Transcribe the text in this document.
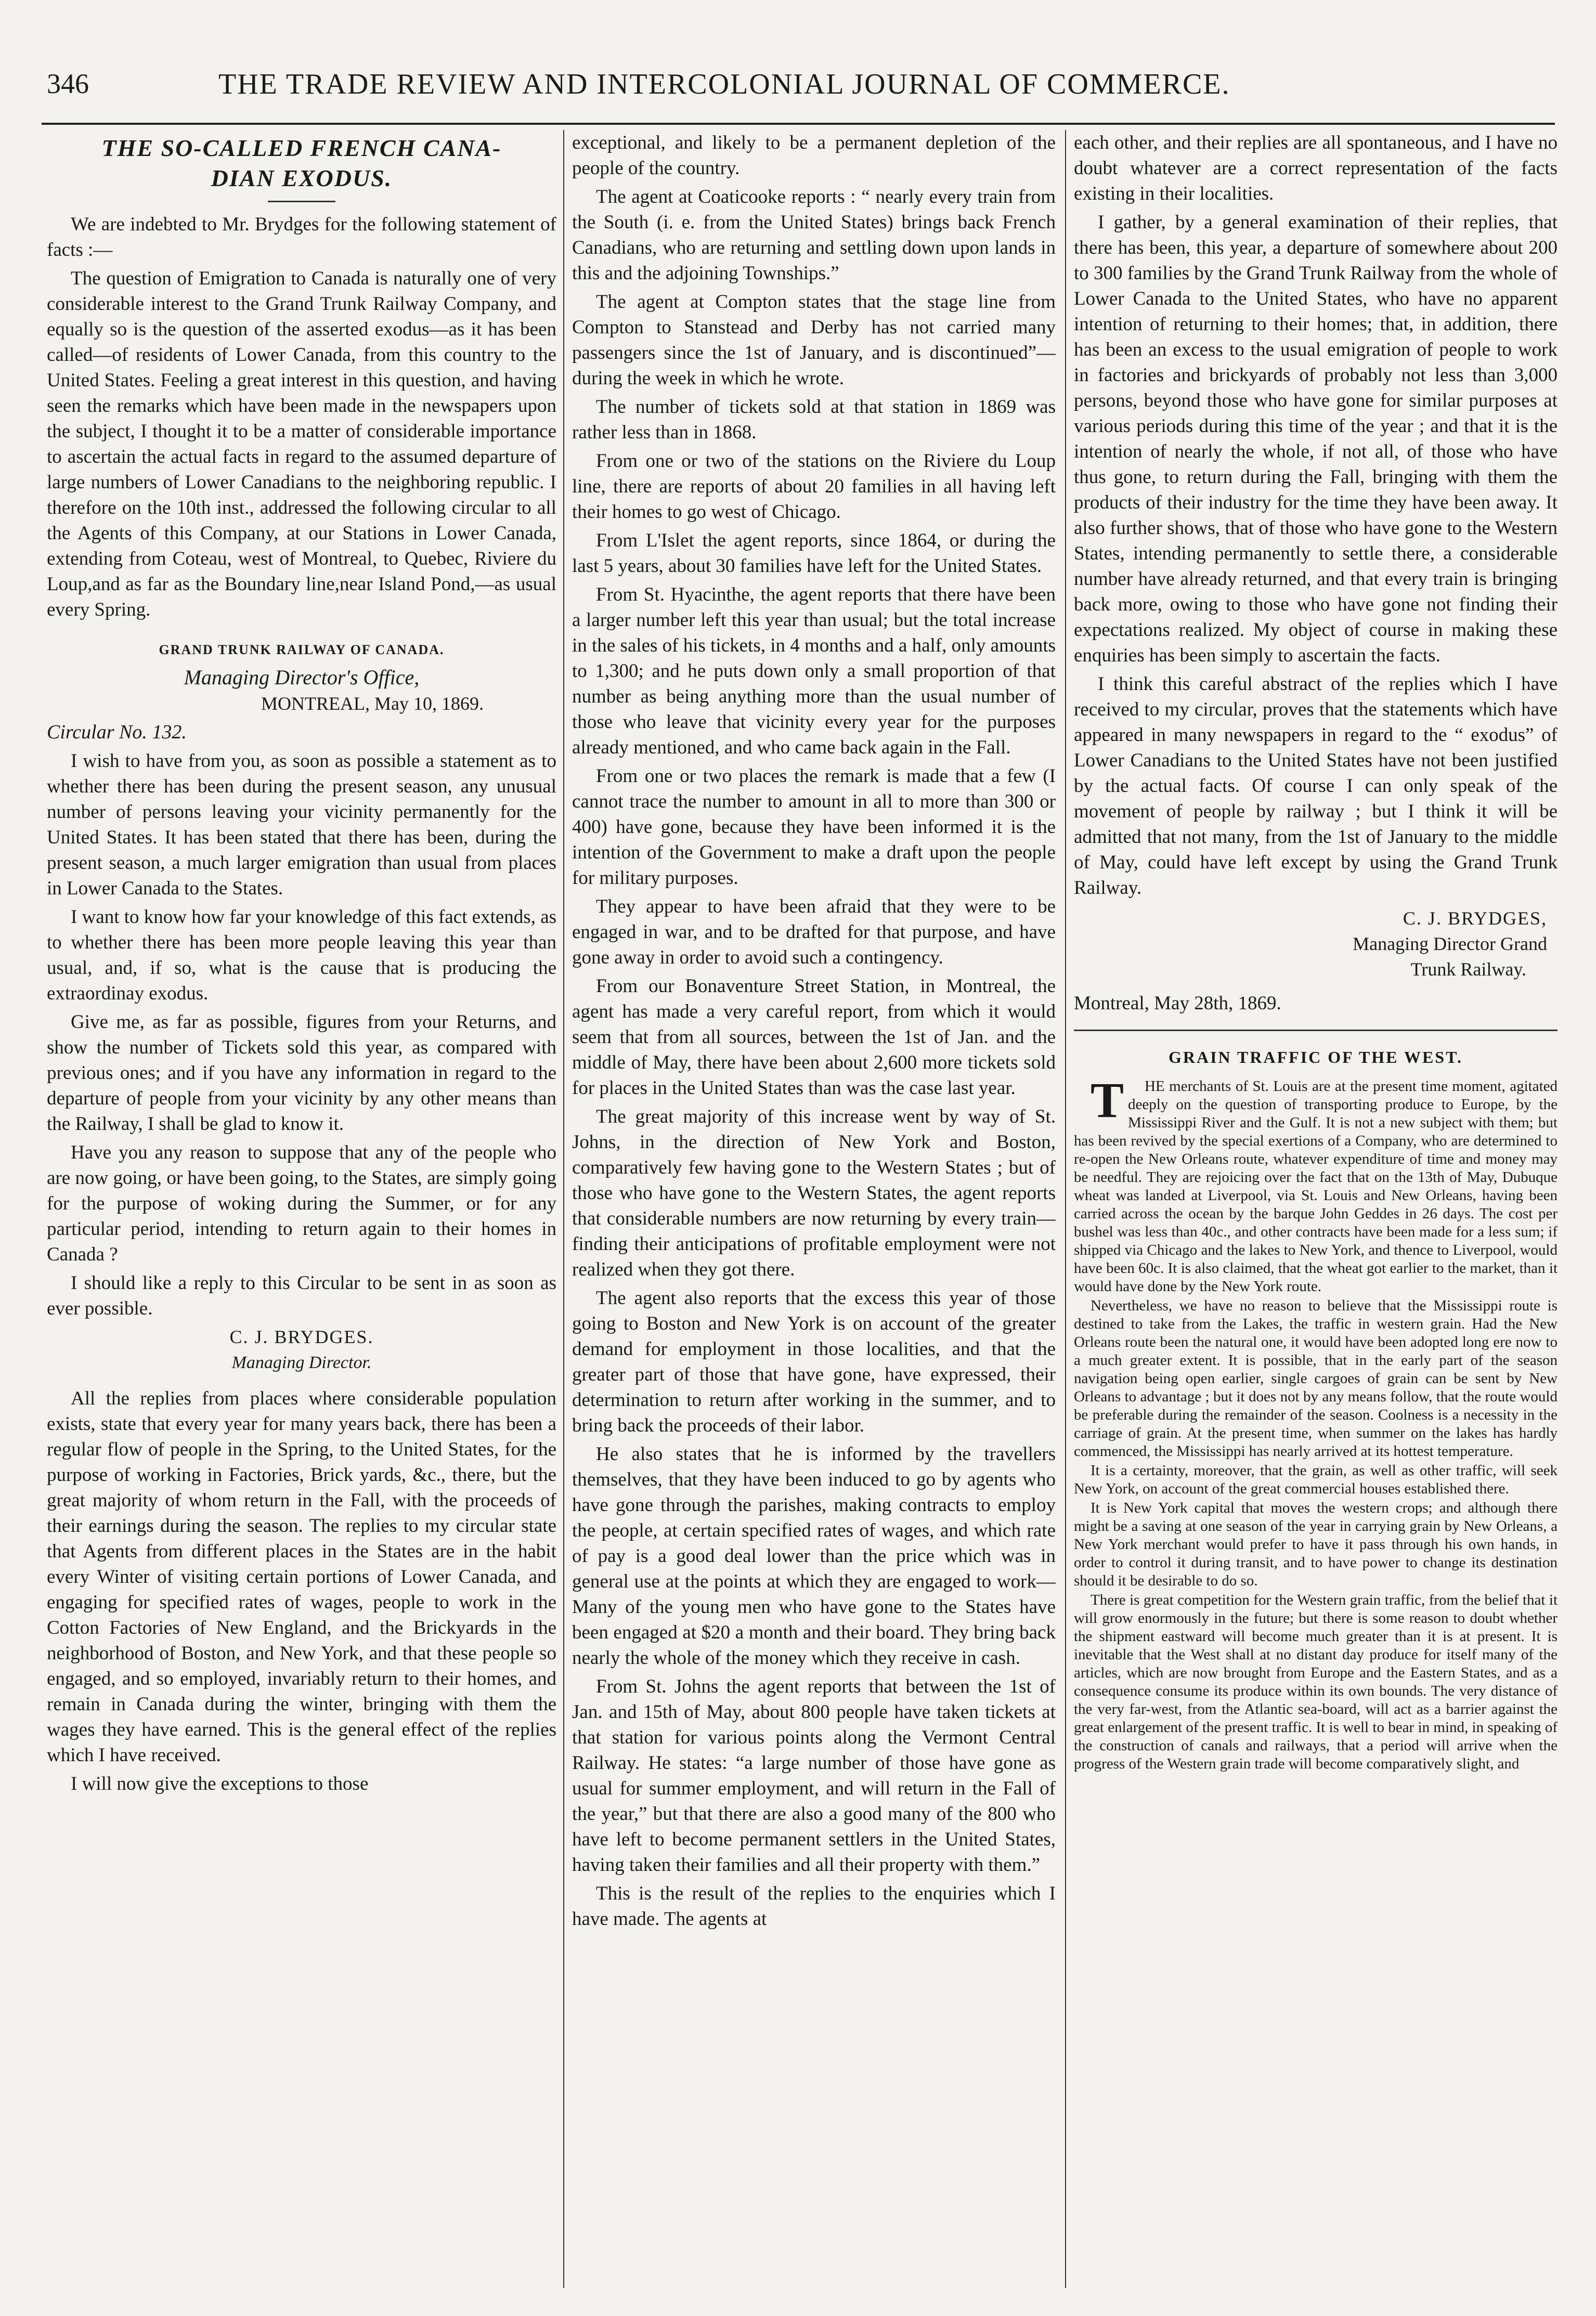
346	THE TRADE REVIEW AND INTERCOLONIAL JOURNAL OF COMMERCE.
THE SO-CALLED FRENCH CANA-
DIAN EXODUS.

We are indebted to Mr. Brydges for the following statement of facts :—

The question of Emigration to Canada is naturally one of very considerable interest to the Grand Trunk Railway Company, and equally so is the question of the asserted exodus—as it has been called—of residents of Lower Canada, from this country to the United States. Feeling a great interest in this question, and having seen the remarks which have been made in the newspapers upon the subject, I thought it to be a matter of considerable importance to ascertain the actual facts in regard to the assumed departure of large numbers of Lower Canadians to the neighboring republic. I therefore on the 10th inst., addressed the following circular to all the Agents of this Company, at our Stations in Lower Canada, extending from Coteau, west of Montreal, to Quebec, Riviere du Loup,and as far as the Boundary line,near Island Pond,—as usual every Spring.

GRAND TRUNK RAILWAY OF CANADA.
Managing Director's Office,
MONTREAL, May 10, 1869.
Circular No. 132.

I wish to have from you, as soon as possible a statement as to whether there has been during the present season, any unusual number of persons leaving your vicinity permanently for the United States. It has been stated that there has been, during the present season, a much larger emigration than usual from places in Lower Canada to the States.

I want to know how far your knowledge of this fact extends, as to whether there has been more people leaving this year than usual, and, if so, what is the cause that is producing the extraordinay exodus.

Give me, as far as possible, figures from your Returns, and show the number of Tickets sold this year, as compared with previous ones; and if you have any information in regard to the departure of people from your vicinity by any other means than the Railway, I shall be glad to know it.

Have you any reason to suppose that any of the people who are now going, or have been going, to the States, are simply going for the purpose of woking during the Summer, or for any particular period, intending to return again to their homes in Canada ?

I should like a reply to this Circular to be sent in as soon as ever possible.

C. J. BRYDGES.
Managing Director.

All the replies from places where considerable population exists, state that every year for many years back, there has been a regular flow of people in the Spring, to the United States, for the purpose of working in Factories, Brick yards, &c., there, but the great majority of whom return in the Fall, with the proceeds of their earnings during the season. The replies to my circular state that Agents from different places in the States are in the habit every Winter of visiting certain portions of Lower Canada, and engaging for specified rates of wages, people to work in the Cotton Factories of New England, and the Brickyards in the neighborhood of Boston, and New York, and that these people so engaged, and so employed, invariably return to their homes, and remain in Canada during the winter, bringing with them the wages they have earned. This is the general effect of the replies which I have received.

I will now give the exceptions to those

exceptional, and likely to be a permanent depletion of the people of the country.

The agent at Coaticooke reports : “ nearly every train from the South (i. e. from the United States) brings back French Canadians, who are returning and settling down upon lands in this and the adjoining Townships.”

The agent at Compton states that the stage line from Compton to Stanstead and Derby has not carried many passengers since the 1st of January, and is discontinued”—during the week in which he wrote.

The number of tickets sold at that station in 1869 was rather less than in 1868.

From one or two of the stations on the Riviere du Loup line, there are reports of about 20 families in all having left their homes to go west of Chicago.

From L'Islet the agent reports, since 1864, or during the last 5 years, about 30 families have left for the United States.

From St. Hyacinthe, the agent reports that there have been a larger number left this year than usual; but the total increase in the sales of his tickets, in 4 months and a half, only amounts to 1,300; and he puts down only a small proportion of that number as being anything more than the usual number of those who leave that vicinity every year for the purposes already mentioned, and who came back again in the Fall.

From one or two places the remark is made that a few (I cannot trace the number to amount in all to more than 300 or 400) have gone, because they have been informed it is the intention of the Government to make a draft upon the people for military purposes.

They appear to have been afraid that they were to be engaged in war, and to be drafted for that purpose, and have gone away in order to avoid such a contingency.

From our Bonaventure Street Station, in Montreal, the agent has made a very careful report, from which it would seem that from all sources, between the 1st of Jan. and the middle of May, there have been about 2,600 more tickets sold for places in the United States than was the case last year.

The great majority of this increase went by way of St. Johns, in the direction of New York and Boston, comparatively few having gone to the Western States ; but of those who have gone to the Western States, the agent reports that considerable numbers are now returning by every train—finding their anticipations of profitable employment were not realized when they got there.

The agent also reports that the excess this year of those going to Boston and New York is on account of the greater demand for employment in those localities, and that the greater part of those that have gone, have expressed, their determination to return after working in the summer, and to bring back the proceeds of their labor.

He also states that he is informed by the travellers themselves, that they have been induced to go by agents who have gone through the parishes, making contracts to employ the people, at certain specified rates of wages, and which rate of pay is a good deal lower than the price which was in general use at the points at which they are engaged to work—Many of the young men who have gone to the States have been engaged at $20 a month and their board. They bring back nearly the whole of the money which they receive in cash.

From St. Johns the agent reports that between the 1st of Jan. and 15th of May, about 800 people have taken tickets at that station for various points along the Vermont Central Railway. He states: “a large number of those have gone as usual for summer employment, and will return in the Fall of the year,” but that there are also a good many of the 800 who have left to become permanent settlers in the United States, having taken their families and all their property with them.”

This is the result of the replies to the enquiries which I have made. The agents at

each other, and their replies are all spontaneous, and I have no doubt whatever are a correct representation of the facts existing in their localities.

I gather, by a general examination of their replies, that there has been, this year, a departure of somewhere about 200 to 300 families by the Grand Trunk Railway from the whole of Lower Canada to the United States, who have no apparent intention of returning to their homes; that, in addition, there has been an excess to the usual emigration of people to work in factories and brickyards of probably not less than 3,000 persons, beyond those who have gone for similar purposes at various periods during this time of the year ; and that it is the intention of nearly the whole, if not all, of those who have thus gone, to return during the Fall, bringing with them the products of their industry for the time they have been away. It also further shows, that of those who have gone to the Western States, intending permanently to settle there, a considerable number have already returned, and that every train is bringing back more, owing to those who have gone not finding their expectations realized. My object of course in making these enquiries has been simply to ascertain the facts.

I think this careful abstract of the replies which I have received to my circular, proves that the statements which have appeared in many newspapers in regard to the “ exodus” of Lower Canadians to the United States have not been justified by the actual facts. Of course I can only speak of the movement of people by railway ; but I think it will be admitted that not many, from the 1st of January to the middle of May, could have left except by using the Grand Trunk Railway.

C. J. BRYDGES,
Managing Director Grand
Trunk Railway.

Montreal, May 28th, 1869.

GRAIN TRAFFIC OF THE WEST.

T HE merchants of St. Louis are at the present time moment, agitated deeply on the question of transporting produce to Europe, by the Mississippi River and the Gulf. It is not a new subject with them; but has been revived by the special exertions of a Company, who are determined to re-open the New Orleans route, whatever expenditure of time and money may be needful. They are rejoicing over the fact that on the 13th of May, Dubuque wheat was landed at Liverpool, via St. Louis and New Orleans, having been carried across the ocean by the barque John Geddes in 26 days. The cost per bushel was less than 40c., and other contracts have been made for a less sum; if shipped via Chicago and the lakes to New York, and thence to Liverpool, would have been 60c. It is also claimed, that the wheat got earlier to the market, than it would have done by the New York route.

Nevertheless, we have no reason to believe that the Mississippi route is destined to take from the Lakes, the traffic in western grain. Had the New Orleans route been the natural one, it would have been adopted long ere now to a much greater extent. It is possible, that in the early part of the season navigation being open earlier, single cargoes of grain can be sent by New Orleans to advantage ; but it does not by any means follow, that the route would be preferable during the remainder of the season. Coolness is a necessity in the carriage of grain. At the present time, when summer on the lakes has hardly commenced, the Mississippi has nearly arrived at its hottest temperature.

It is a certainty, moreover, that the grain, as well as other traffic, will seek New York, on account of the great commercial houses established there.

It is New York capital that moves the western crops; and although there might be a saving at one season of the year in carrying grain by New Orleans, a New York merchant would prefer to have it pass through his own hands, in order to control it during transit, and to have power to change its destination should it be desirable to do so.

There is great competition for the Western grain traffic, from the belief that it will grow enormously in the future; but there is some reason to doubt whether the shipment eastward will become much greater than it is at present. It is inevitable that the West shall at no distant day produce for itself many of the articles, which are now brought from Europe and the Eastern States, and as a consequence consume its produce within its own bounds. The very distance of the very far-west, from the Atlantic sea-board, will act as a barrier against the great enlargement of the present traffic. It is well to bear in mind, in speaking of the construction of canals and railways, that a period will arrive when the progress of the Western grain trade will become comparatively slight, and
